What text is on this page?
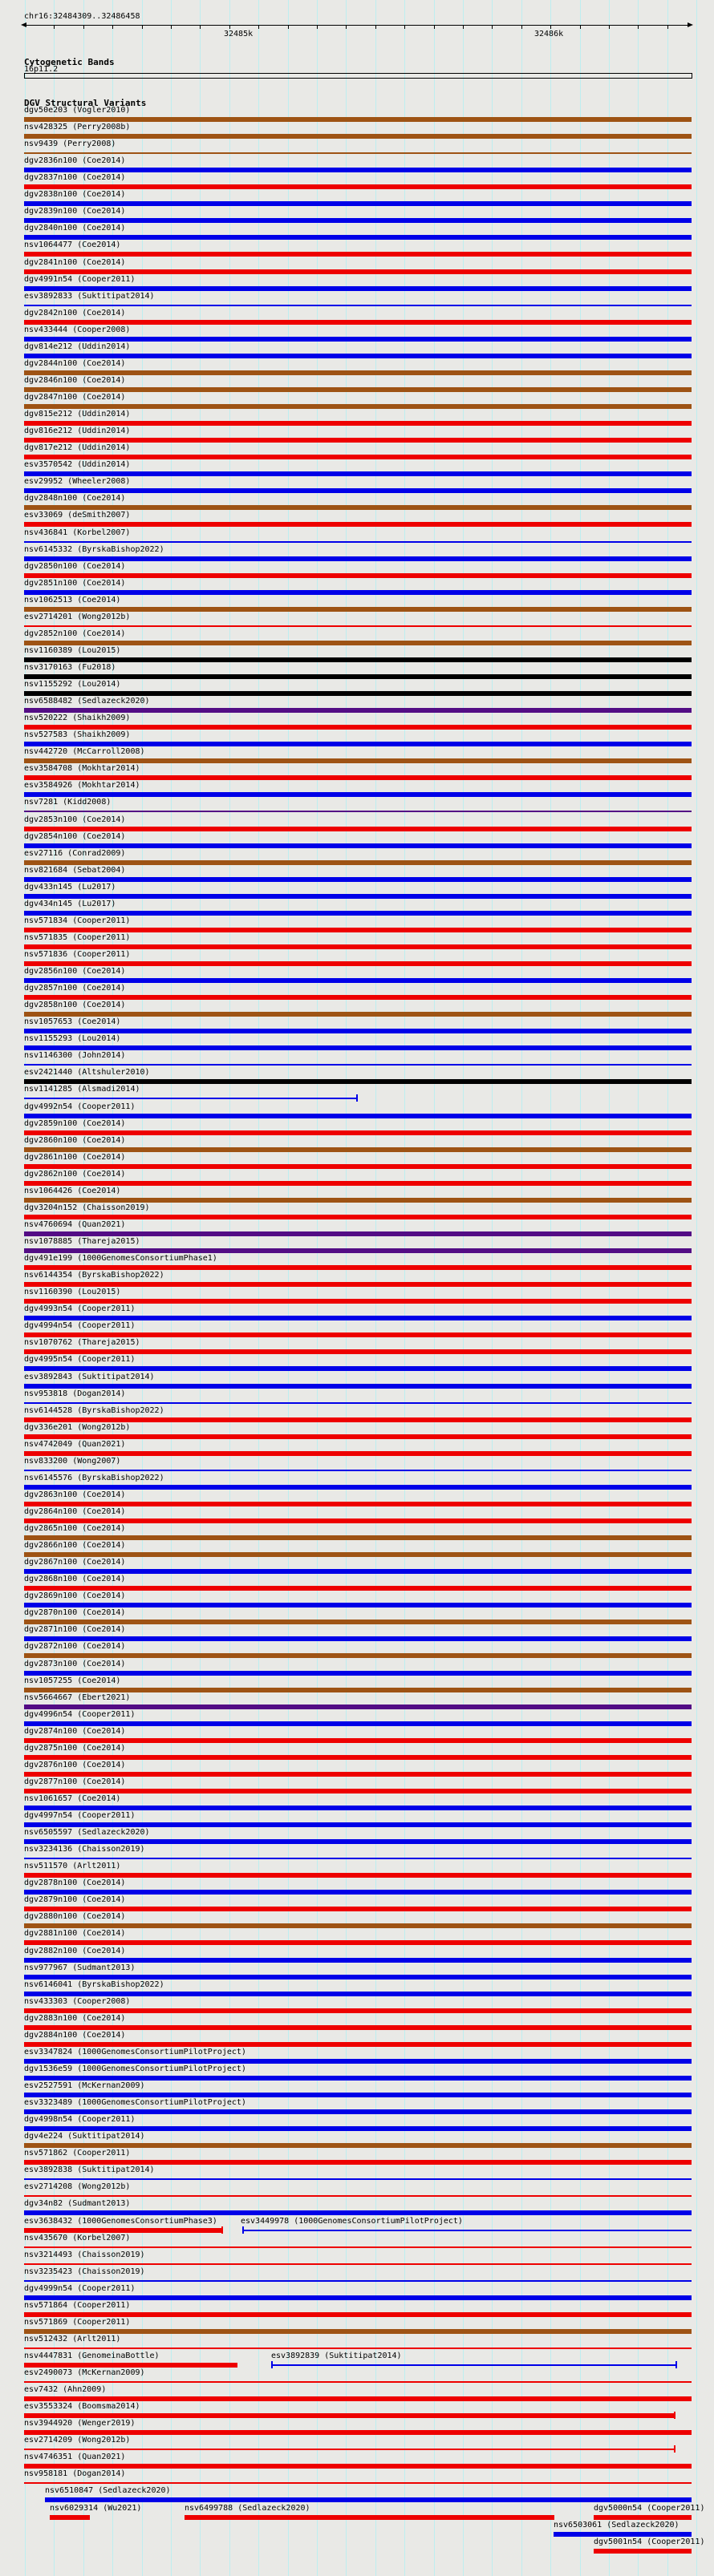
chr16:32484309..32486458
32485k	32486k
Cytogenetic Bands
16p11.2
DGV Structural Variants
dgv50e203 (Vogler2010)
nsv428325 (Perry2008b)
nsv9439 (Perry2008)
dgv2836n100 (Coe2014)
dgv2837n100 (Coe2014)
dgv2838n100 (Coe2014)
dgv2839n100 (Coe2014)
dgv2840n100 (Coe2014)
nsv1064477 (Coe2014)
dgv2841n100 (Coe2014)
dgv4991n54 (Cooper2011)
esv3892833 (Suktitipat2014)
dgv2842n100 (Coe2014)
nsv433444 (Cooper2008)
dgv814e212 (Uddin2014)
dgv2844n100 (Coe2014)
dgv2846n100 (Coe2014)
dgv2847n100 (Coe2014)
dgv815e212 (Uddin2014)
dgv816e212 (Uddin2014)
dgv817e212 (Uddin2014)
esv3570542 (Uddin2014)
esv29952 (Wheeler2008)
dgv2848n100 (Coe2014)
esv33069 (deSmith2007)
nsv436841 (Korbel2007)
nsv6145332 (ByrskaBishop2022)
dgv2850n100 (Coe2014)
dgv2851n100 (Coe2014)
nsv1062513 (Coe2014)
esv2714201 (Wong2012b)
dgv2852n100 (Coe2014)
nsv1160389 (Lou2015)
nsv3170163 (Fu2018)
nsv1155292 (Lou2014)
nsv6588482 (Sedlazeck2020)
nsv520222 (Shaikh2009)
nsv527583 (Shaikh2009)
nsv442720 (McCarroll2008)
esv3584708 (Mokhtar2014)
esv3584926 (Mokhtar2014)
nsv7281 (Kidd2008)
dgv2853n100 (Coe2014)
dgv2854n100 (Coe2014)
esv27116 (Conrad2009)
nsv821684 (Sebat2004)
dgv433n145 (Lu2017)
dgv434n145 (Lu2017)
nsv571834 (Cooper2011)
nsv571835 (Cooper2011)
nsv571836 (Cooper2011)
dgv2856n100 (Coe2014)
dgv2857n100 (Coe2014)
dgv2858n100 (Coe2014)
nsv1057653 (Coe2014)
nsv1155293 (Lou2014)
nsv1146300 (John2014)
esv2421440 (Altshuler2010)
nsv1141285 (Alsmadi2014)
dgv4992n54 (Cooper2011)
dgv2859n100 (Coe2014)
dgv2860n100 (Coe2014)
dgv2861n100 (Coe2014)
dgv2862n100 (Coe2014)
nsv1064426 (Coe2014)
dgv3204n152 (Chaisson2019)
nsv4760694 (Quan2021)
nsv1078885 (Thareja2015)
dgv491e199 (1000GenomesConsortiumPhase1)
nsv6144354 (ByrskaBishop2022)
nsv1160390 (Lou2015)
dgv4993n54 (Cooper2011)
dgv4994n54 (Cooper2011)
nsv1070762 (Thareja2015)
dgv4995n54 (Cooper2011)
esv3892843 (Suktitipat2014)
nsv953818 (Dogan2014)
nsv6144528 (ByrskaBishop2022)
dgv336e201 (Wong2012b)
nsv4742049 (Quan2021)
nsv833200 (Wong2007)
nsv6145576 (ByrskaBishop2022)
dgv2863n100 (Coe2014)
dgv2864n100 (Coe2014)
dgv2865n100 (Coe2014)
dgv2866n100 (Coe2014)
dgv2867n100 (Coe2014)
dgv2868n100 (Coe2014)
dgv2869n100 (Coe2014)
dgv2870n100 (Coe2014)
dgv2871n100 (Coe2014)
dgv2872n100 (Coe2014)
dgv2873n100 (Coe2014)
nsv1057255 (Coe2014)
nsv5664667 (Ebert2021)
dgv4996n54 (Cooper2011)
dgv2874n100 (Coe2014)
dgv2875n100 (Coe2014)
dgv2876n100 (Coe2014)
dgv2877n100 (Coe2014)
nsv1061657 (Coe2014)
dgv4997n54 (Cooper2011)
nsv6505597 (Sedlazeck2020)
nsv3234136 (Chaisson2019)
nsv511570 (Arlt2011)
dgv2878n100 (Coe2014)
dgv2879n100 (Coe2014)
dgv2880n100 (Coe2014)
dgv2881n100 (Coe2014)
dgv2882n100 (Coe2014)
nsv977967 (Sudmant2013)
nsv6146041 (ByrskaBishop2022)
nsv433303 (Cooper2008)
dgv2883n100 (Coe2014)
dgv2884n100 (Coe2014)
esv3347824 (1000GenomesConsortiumPilotProject)
dgv1536e59 (1000GenomesConsortiumPilotProject)
esv2527591 (McKernan2009)
esv3323489 (1000GenomesConsortiumPilotProject)
dgv4998n54 (Cooper2011)
dgv4e224 (Suktitipat2014)
nsv571862 (Cooper2011)
esv3892838 (Suktitipat2014)
esv2714208 (Wong2012b)
dgv34n82 (Sudmant2013)
esv3638432 (1000GenomesConsortiumPhase3)	esv3449978 (1000GenomesConsortiumPilotProject)
nsv435670 (Korbel2007)
nsv3214493 (Chaisson2019)
nsv3235423 (Chaisson2019)
dgv4999n54 (Cooper2011)
nsv571864 (Cooper2011)
nsv571869 (Cooper2011)
nsv512432 (Arlt2011)
nsv4447831 (GenomeinaBottle)	esv3892839 (Suktitipat2014)
esv2490073 (McKernan2009)
esv7432 (Ahn2009)
esv3553324 (Boomsma2014)
nsv3944920 (Wenger2019)
esv2714209 (Wong2012b)
nsv4746351 (Quan2021)
nsv958181 (Dogan2014)
nsv6510847 (Sedlazeck2020)
nsv6029314 (Wu2021)	nsv6499788 (Sedlazeck2020)	dgv5000n54 (Cooper2011)
nsv6503061 (Sedlazeck2020)
dgv5001n54 (Cooper2011)
